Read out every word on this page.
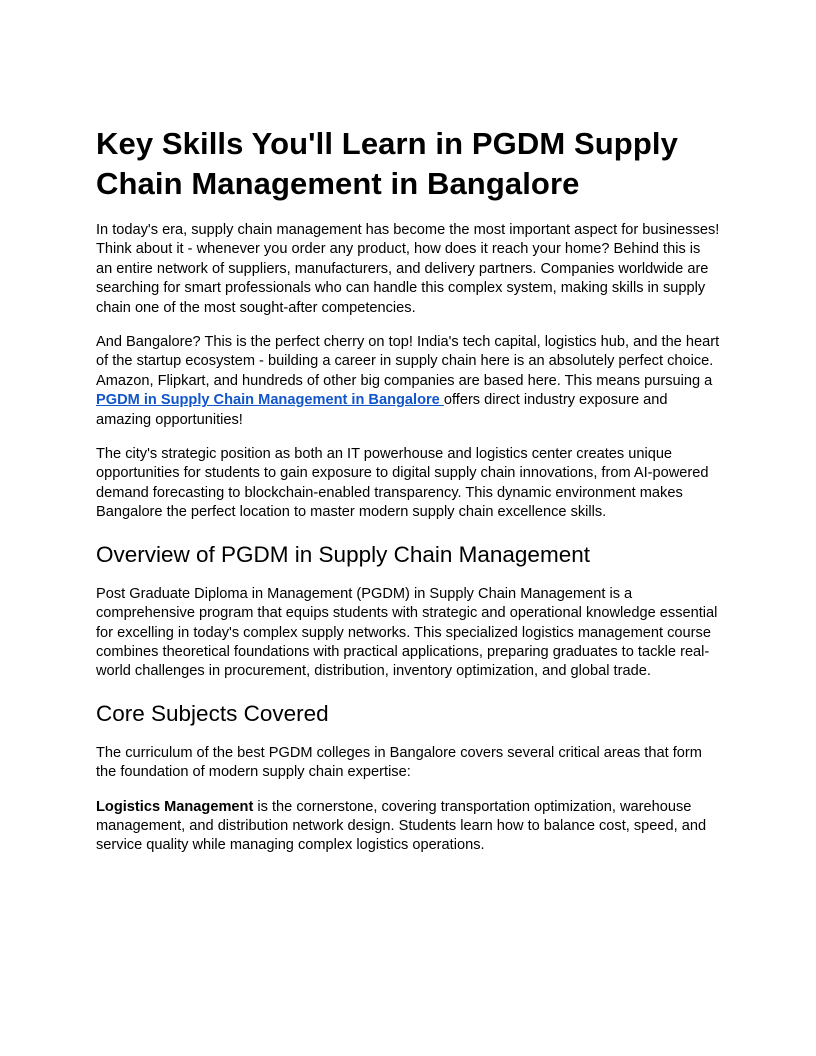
Key Skills You'll Learn in PGDM Supply Chain Management in Bangalore

In today's era, supply chain management has become the most important aspect for businesses! Think about it - whenever you order any product, how does it reach your home? Behind this is an entire network of suppliers, manufacturers, and delivery partners. Companies worldwide are searching for smart professionals who can handle this complex system, making skills in supply chain one of the most sought-after competencies.

And Bangalore? This is the perfect cherry on top! India's tech capital, logistics hub, and the heart of the startup ecosystem - building a career in supply chain here is an absolutely perfect choice. Amazon, Flipkart, and hundreds of other big companies are based here. This means pursuing a PGDM in Supply Chain Management in Bangalore offers direct industry exposure and amazing opportunities!

The city's strategic position as both an IT powerhouse and logistics center creates unique opportunities for students to gain exposure to digital supply chain innovations, from AI-powered demand forecasting to blockchain-enabled transparency. This dynamic environment makes Bangalore the perfect location to master modern supply chain excellence skills.

Overview of PGDM in Supply Chain Management

Post Graduate Diploma in Management (PGDM) in Supply Chain Management is a comprehensive program that equips students with strategic and operational knowledge essential for excelling in today's complex supply networks. This specialized logistics management course combines theoretical foundations with practical applications, preparing graduates to tackle real-world challenges in procurement, distribution, inventory optimization, and global trade.

Core Subjects Covered

The curriculum of the best PGDM colleges in Bangalore covers several critical areas that form the foundation of modern supply chain expertise:

Logistics Management is the cornerstone, covering transportation optimization, warehouse management, and distribution network design. Students learn how to balance cost, speed, and service quality while managing complex logistics operations.
